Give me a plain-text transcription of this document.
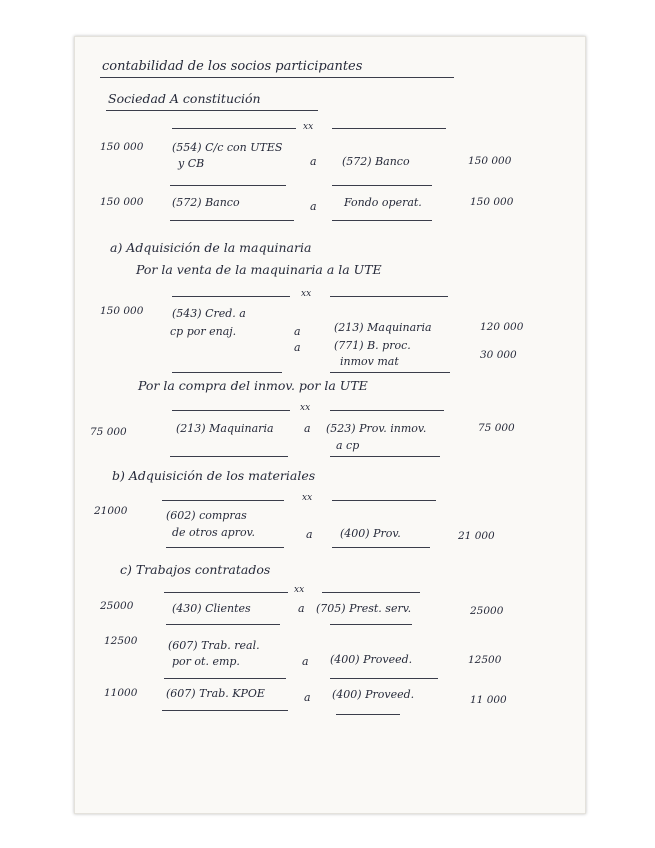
contabilidad de los socios participantes
Sociedad A constitución
xx
150 000	(554) C/c con UTES
y CB	a (572) Banco	150 000
150 000	(572) Banco	a Fondo operat.	150 000
a) Adquisición de la maquinaria
Por la venta de la maquinaria a la UTE
xx
150 000	(543) Cred. a
cp por enaj.	a	(213) Maquinaria	120 000
a	(771) B. proc.
inmov mat	30 000
Por la compra del inmov. por la UTE
xx
75 000	(213) Maquinaria	a (523) Prov. inmov.
a cp
75 000
b) Adquisición de los materiales
xx
21000	(602) compras
de otros aprov.	a (400) Prov.	21 000
c) Trabajos contratados
xx
25000	(430) Clientes	a (705) Prest. serv.	25000
12500	(607) Trab. real.
por ot. emp.	a (400) Proveed.	12500
11000	(607) Trab. KPOE	a (400) Proveed.	11 000
